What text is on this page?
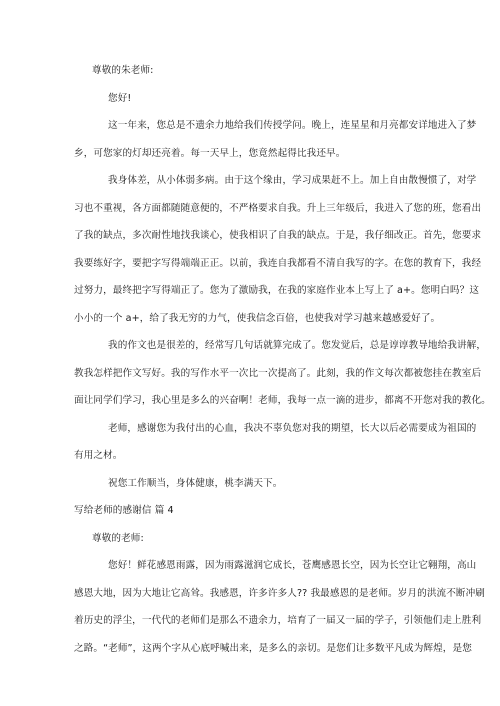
尊敬的朱老师:
您好!
这一年来，您总是不遗余力地给我们传授学问。晚上，连星星和月亮都安详地进入了梦
乡，可您家的灯却还亮着。每一天早上，您竟然起得比我还早。
我身体差，从小体弱多病。由于这个缘由，学习成果赶不上。加上自由散慢惯了，对学
习也不重视，各方面都随随意便的，不严格要求自我。升上三年级后，我进入了您的班，您看出
了我的缺点，多次耐性地找我谈心，使我相识了自我的缺点。于是，我仔细改正。首先，您要求
我要练好字，要把字写得端端正正。以前，我连自我都看不清自我写的字。在您的教育下，我经
过努力，最终把字写得端正了。您为了激励我，在我的家庭作业本上写上了 a+。您明白吗？这
小小的一个 a+，给了我无穷的力气，使我信念百倍，也使我对学习越来越感爱好了。
我的作文也是很差的，经常写几句话就算完成了。您发觉后，总是谆谆教导地给我讲解，
教我怎样把作文写好。我的写作水平一次比一次提高了。此刻，我的作文每次都被您挂在教室后
面让同学们学习，我心里是多么的兴奋啊！老师，我每一点一滴的进步，都离不开您对我的教化。
老师，感谢您为我付出的心血，我决不辜负您对我的期望，长大以后必需要成为祖国的
有用之材。
祝您工作顺当，身体健康，桃李满天下。
写给老师的感谢信 篇 4
尊敬的老师:
您好！鲜花感恩雨露，因为雨露滋润它成长，苍鹰感恩长空，因为长空让它翱翔，高山
感恩大地，因为大地让它高耸。我感恩，许多许多人?? 我最感恩的是老师。岁月的洪流不断冲刷
着历史的浮尘，一代代的老师们是那么不遗余力，培育了一届又一届的学子，引领他们走上胜利
之路。“老师”，这两个字从心底呼喊出来，是多么的亲切。是您们让多数平凡成为辉煌，是您
